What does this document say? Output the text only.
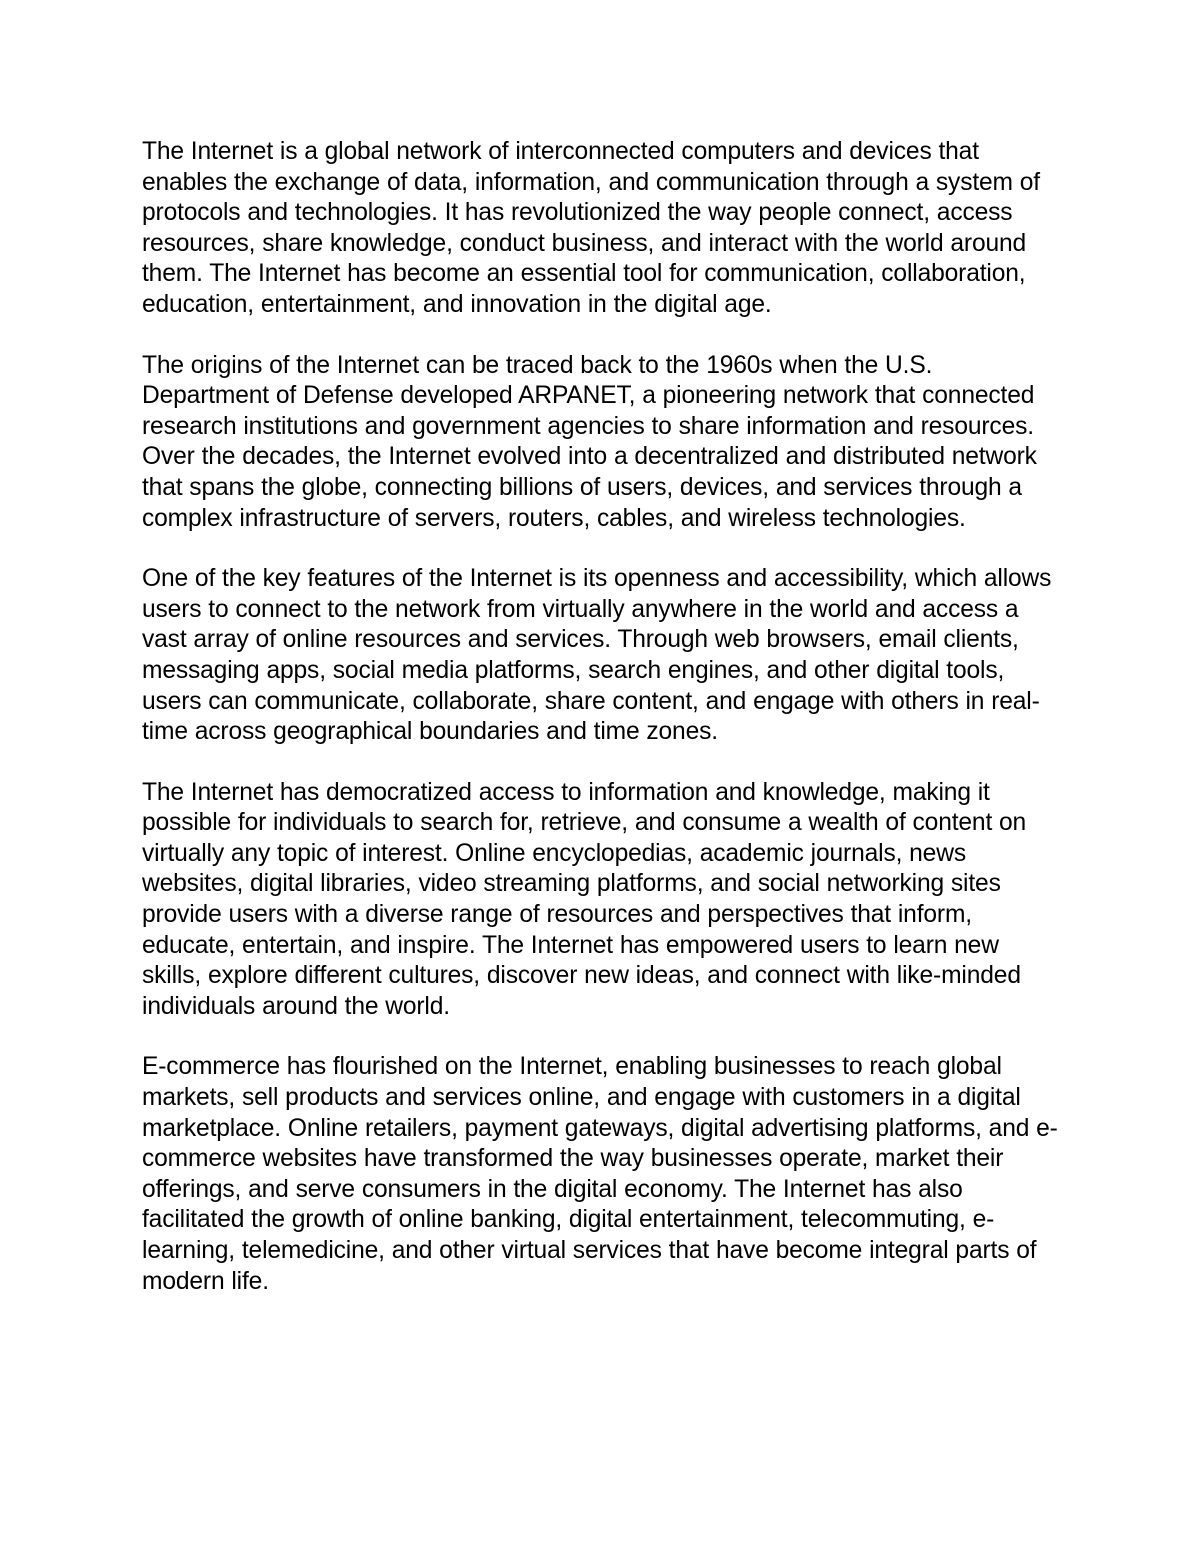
The Internet is a global network of interconnected computers and devices that enables the exchange of data, information, and communication through a system of protocols and technologies. It has revolutionized the way people connect, access resources, share knowledge, conduct business, and interact with the world around them. The Internet has become an essential tool for communication, collaboration, education, entertainment, and innovation in the digital age.

The origins of the Internet can be traced back to the 1960s when the U.S. Department of Defense developed ARPANET, a pioneering network that connected research institutions and government agencies to share information and resources. Over the decades, the Internet evolved into a decentralized and distributed network that spans the globe, connecting billions of users, devices, and services through a complex infrastructure of servers, routers, cables, and wireless technologies.

One of the key features of the Internet is its openness and accessibility, which allows users to connect to the network from virtually anywhere in the world and access a vast array of online resources and services. Through web browsers, email clients, messaging apps, social media platforms, search engines, and other digital tools, users can communicate, collaborate, share content, and engage with others in real-time across geographical boundaries and time zones.

The Internet has democratized access to information and knowledge, making it possible for individuals to search for, retrieve, and consume a wealth of content on virtually any topic of interest. Online encyclopedias, academic journals, news websites, digital libraries, video streaming platforms, and social networking sites provide users with a diverse range of resources and perspectives that inform, educate, entertain, and inspire. The Internet has empowered users to learn new skills, explore different cultures, discover new ideas, and connect with like-minded individuals around the world.

E-commerce has flourished on the Internet, enabling businesses to reach global markets, sell products and services online, and engage with customers in a digital marketplace. Online retailers, payment gateways, digital advertising platforms, and e-commerce websites have transformed the way businesses operate, market their offerings, and serve consumers in the digital economy. The Internet has also facilitated the growth of online banking, digital entertainment, telecommuting, e-learning, telemedicine, and other virtual services that have become integral parts of modern life.
